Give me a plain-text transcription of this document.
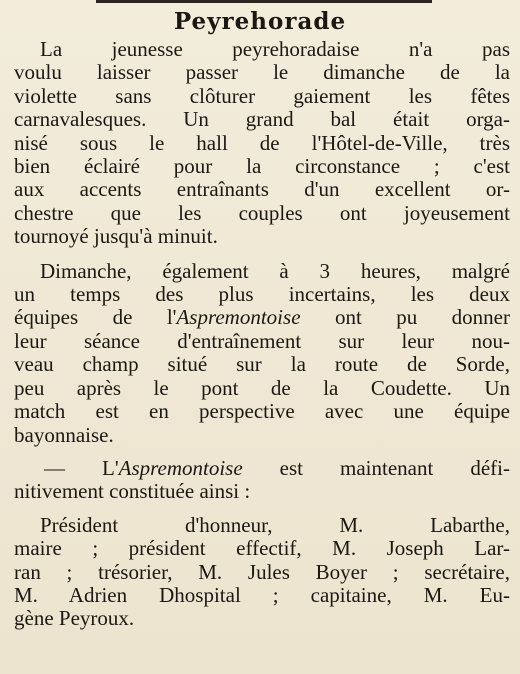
Peyrehorade
La jeunesse peyrehoradaise n'a pas
voulu laisser passer le dimanche de la
violette sans clôturer gaiement les fêtes
carnavalesques. Un grand bal était orga-
nisé sous le hall de l'Hôtel-de-Ville, très
bien éclairé pour la circonstance ; c'est
aux accents entraînants d'un excellent or-
chestre que les couples ont joyeusement
tournoyé jusqu'à minuit.
Dimanche, également à 3 heures, malgré
un temps des plus incertains, les deux
équipes de l'Aspremontoise ont pu donner
leur séance d'entraînement sur leur nou-
veau champ situé sur la route de Sorde,
peu après le pont de la Coudette. Un
match est en perspective avec une équipe
bayonnaise.
— L'Aspremontoise est maintenant défi-
nitivement constituée ainsi :
Président d'honneur, M. Labarthe,
maire ; président effectif, M. Joseph Lar-
ran ; trésorier, M. Jules Boyer ; secrétaire,
M. Adrien Dhospital ; capitaine, M. Eu-
gène Peyroux.
